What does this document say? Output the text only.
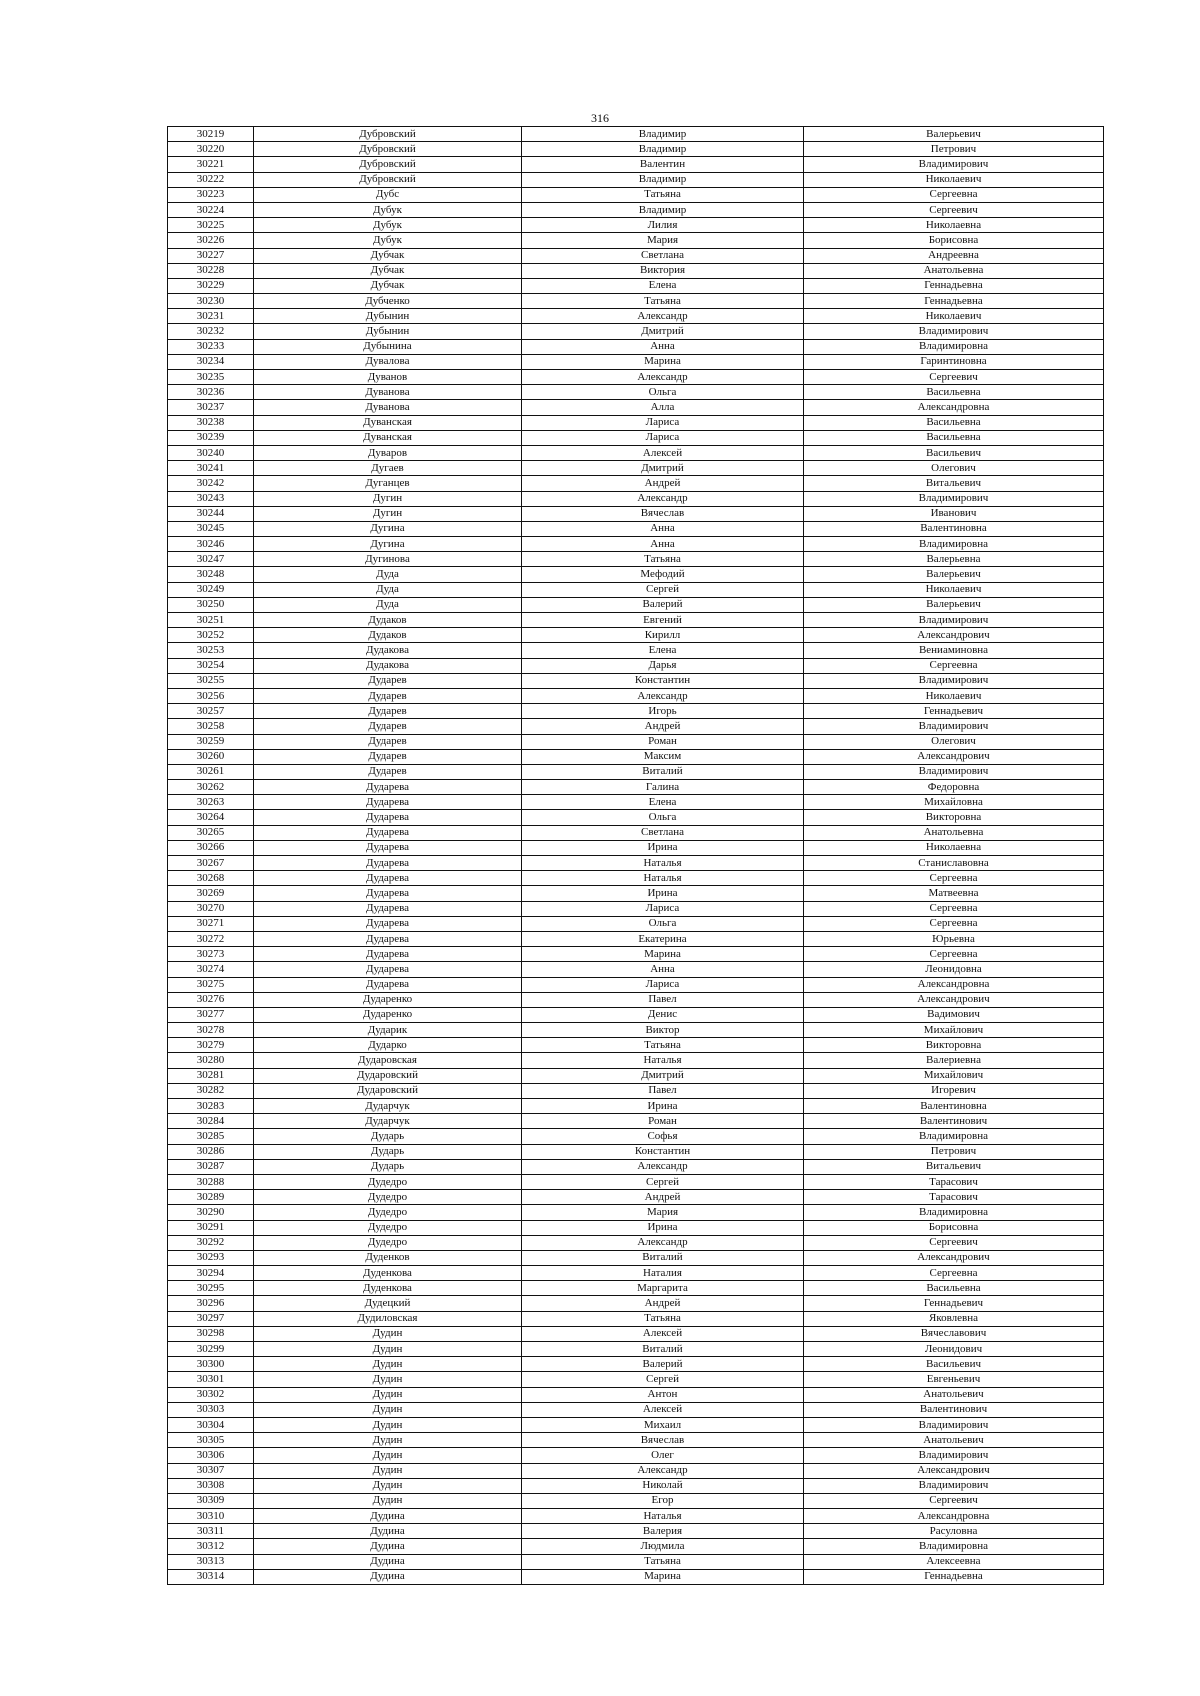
316
30219	Дубровский	Владимир	Валерьевич
30220	Дубровский	Владимир	Петрович
30221	Дубровский	Валентин	Владимирович
30222	Дубровский	Владимир	Николаевич
30223	Дубс	Татьяна	Сергеевна
30224	Дубук	Владимир	Сергеевич
30225	Дубук	Лилия	Николаевна
30226	Дубук	Мария	Борисовна
30227	Дубчак	Светлана	Андреевна
30228	Дубчак	Виктория	Анатольевна
30229	Дубчак	Елена	Геннадьевна
30230	Дубченко	Татьяна	Геннадьевна
30231	Дубынин	Александр	Николаевич
30232	Дубынин	Дмитрий	Владимирович
30233	Дубынина	Анна	Владимировна
30234	Дувалова	Марина	Гаринтиновна
30235	Дуванов	Александр	Сергеевич
30236	Дуванова	Ольга	Васильевна
30237	Дуванова	Алла	Александровна
30238	Дуванская	Лариса	Васильевна
30239	Дуванская	Лариса	Васильевна
30240	Дуваров	Алексей	Васильевич
30241	Дугаев	Дмитрий	Олегович
30242	Дуганцев	Андрей	Витальевич
30243	Дугин	Александр	Владимирович
30244	Дугин	Вячеслав	Иванович
30245	Дугина	Анна	Валентиновна
30246	Дугина	Анна	Владимировна
30247	Дугинова	Татьяна	Валерьевна
30248	Дуда	Мефодий	Валерьевич
30249	Дуда	Сергей	Николаевич
30250	Дуда	Валерий	Валерьевич
30251	Дудаков	Евгений	Владимирович
30252	Дудаков	Кирилл	Александрович
30253	Дудакова	Елена	Вениаминовна
30254	Дудакова	Дарья	Сергеевна
30255	Дударев	Константин	Владимирович
30256	Дударев	Александр	Николаевич
30257	Дударев	Игорь	Геннадьевич
30258	Дударев	Андрей	Владимирович
30259	Дударев	Роман	Олегович
30260	Дударев	Максим	Александрович
30261	Дударев	Виталий	Владимирович
30262	Дударева	Галина	Федоровна
30263	Дударева	Елена	Михайловна
30264	Дударева	Ольга	Викторовна
30265	Дударева	Светлана	Анатольевна
30266	Дударева	Ирина	Николаевна
30267	Дударева	Наталья	Станиславовна
30268	Дударева	Наталья	Сергеевна
30269	Дударева	Ирина	Матвеевна
30270	Дударева	Лариса	Сергеевна
30271	Дударева	Ольга	Сергеевна
30272	Дударева	Екатерина	Юрьевна
30273	Дударева	Марина	Сергеевна
30274	Дударева	Анна	Леонидовна
30275	Дударева	Лариса	Александровна
30276	Дударенко	Павел	Александрович
30277	Дударенко	Денис	Вадимович
30278	Дударик	Виктор	Михайлович
30279	Дударко	Татьяна	Викторовна
30280	Дударовская	Наталья	Валериевна
30281	Дударовский	Дмитрий	Михайлович
30282	Дударовский	Павел	Игоревич
30283	Дударчук	Ирина	Валентиновна
30284	Дударчук	Роман	Валентинович
30285	Дударь	Софья	Владимировна
30286	Дударь	Константин	Петрович
30287	Дударь	Александр	Витальевич
30288	Дудедро	Сергей	Тарасович
30289	Дудедро	Андрей	Тарасович
30290	Дудедро	Мария	Владимировна
30291	Дудедро	Ирина	Борисовна
30292	Дудедро	Александр	Сергеевич
30293	Дуденков	Виталий	Александрович
30294	Дуденкова	Наталия	Сергеевна
30295	Дуденкова	Маргарита	Васильевна
30296	Дудецкий	Андрей	Геннадьевич
30297	Дудиловская	Татьяна	Яковлевна
30298	Дудин	Алексей	Вячеславович
30299	Дудин	Виталий	Леонидович
30300	Дудин	Валерий	Васильевич
30301	Дудин	Сергей	Евгеньевич
30302	Дудин	Антон	Анатольевич
30303	Дудин	Алексей	Валентинович
30304	Дудин	Михаил	Владимирович
30305	Дудин	Вячеслав	Анатольевич
30306	Дудин	Олег	Владимирович
30307	Дудин	Александр	Александрович
30308	Дудин	Николай	Владимирович
30309	Дудин	Егор	Сергеевич
30310	Дудина	Наталья	Александровна
30311	Дудина	Валерия	Расуловна
30312	Дудина	Людмила	Владимировна
30313	Дудина	Татьяна	Алексеевна
30314	Дудина	Марина	Геннадьевна
